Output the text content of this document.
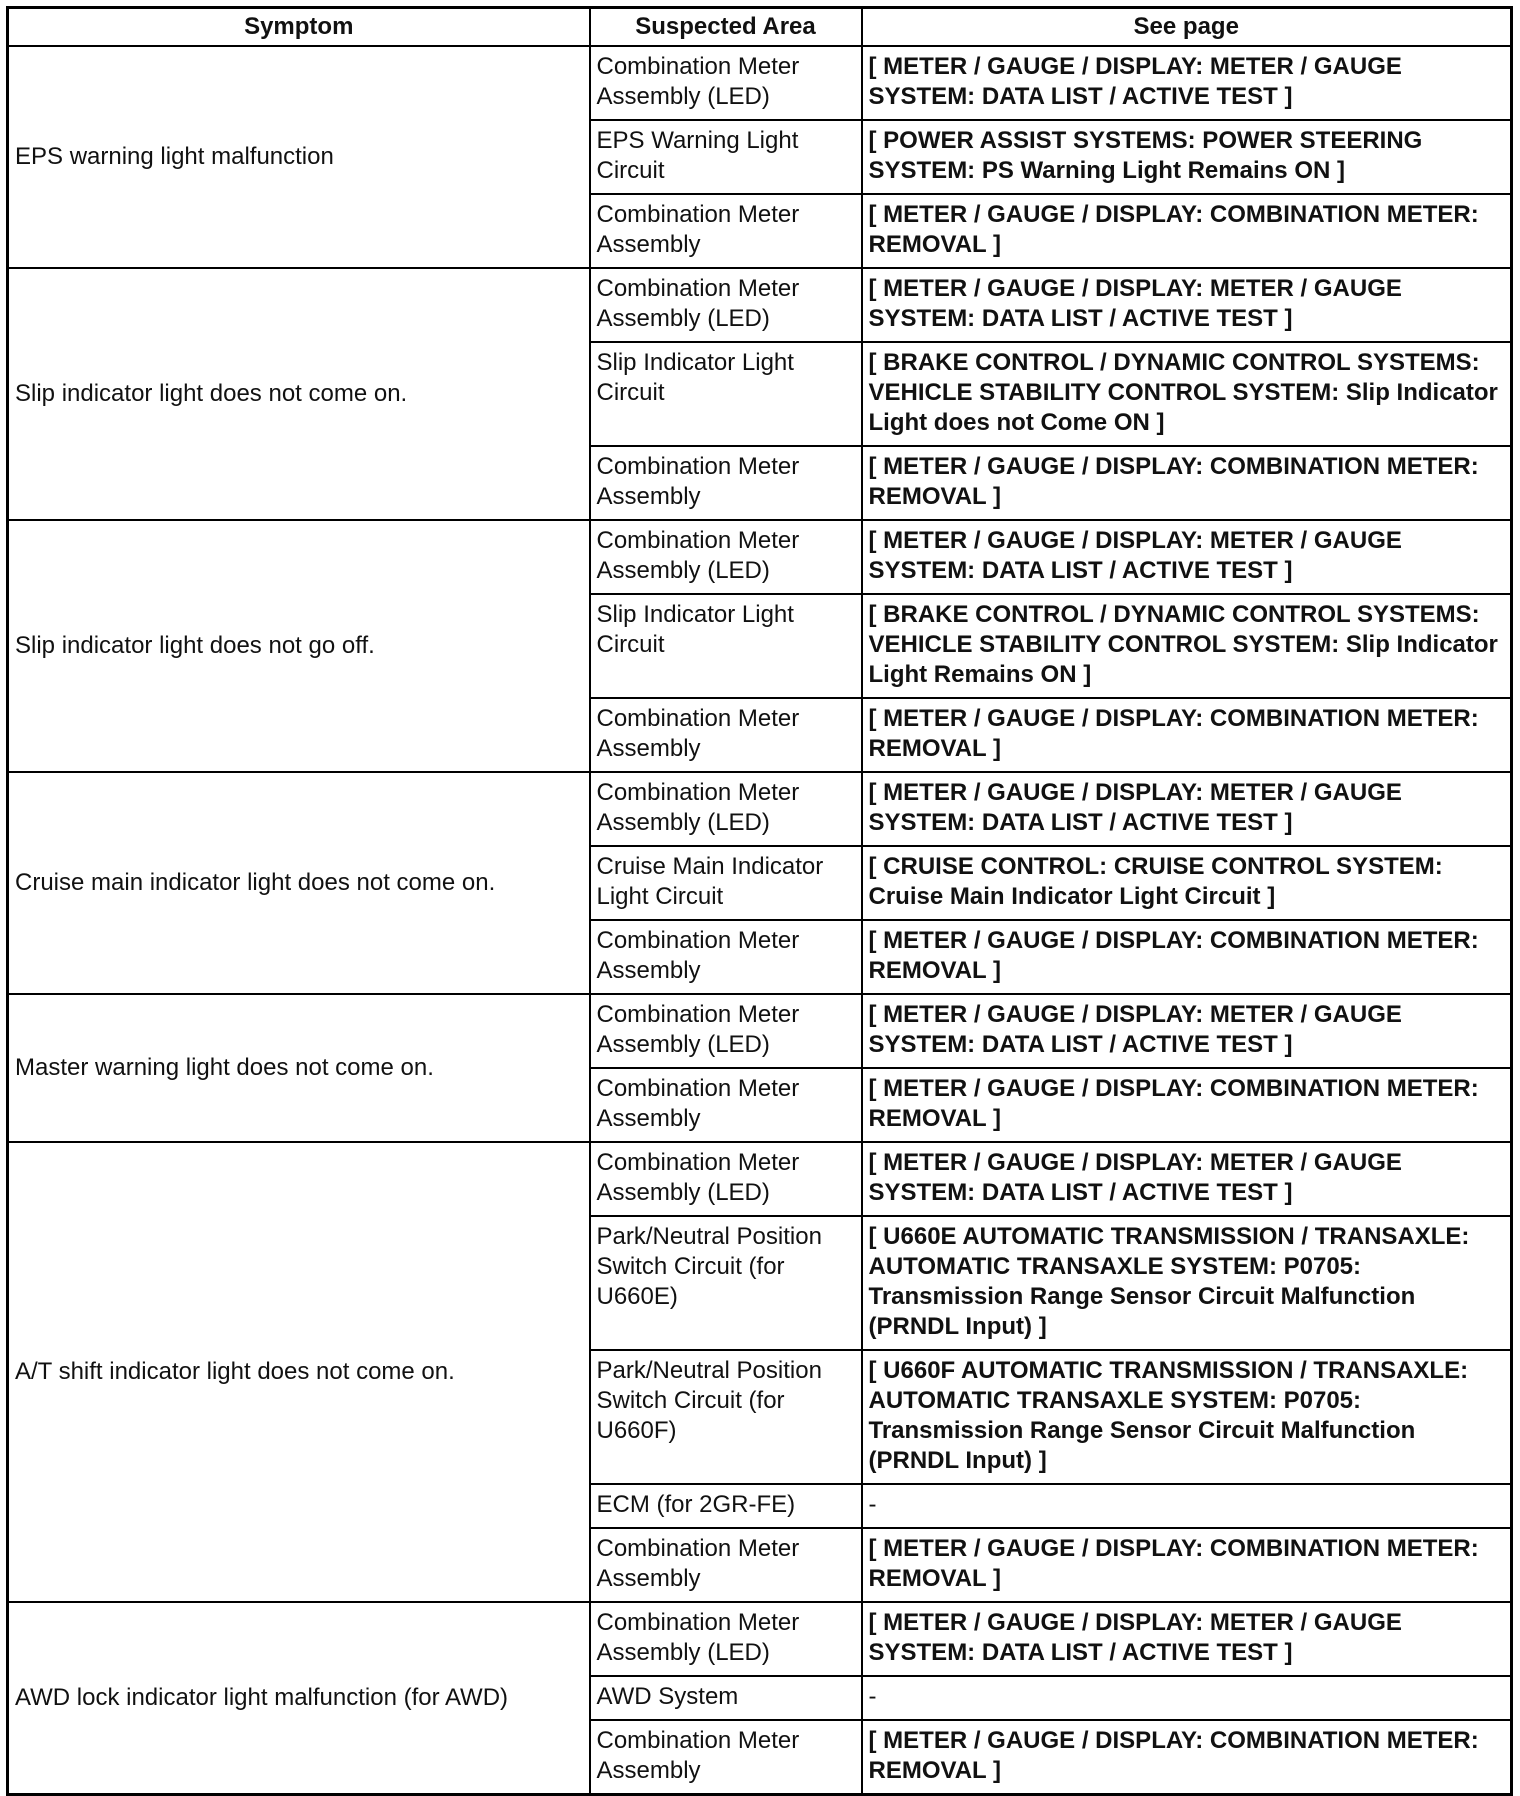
Symptom	Suspected Area	See page
EPS warning light malfunction	Combination Meter Assembly (LED)	[ METER / GAUGE / DISPLAY: METER / GAUGE SYSTEM: DATA LIST / ACTIVE TEST ]
	EPS Warning Light Circuit	[ POWER ASSIST SYSTEMS: POWER STEERING SYSTEM: PS Warning Light Remains ON ]
	Combination Meter Assembly	[ METER / GAUGE / DISPLAY: COMBINATION METER: REMOVAL ]
Slip indicator light does not come on.	Combination Meter Assembly (LED)	[ METER / GAUGE / DISPLAY: METER / GAUGE SYSTEM: DATA LIST / ACTIVE TEST ]
	Slip Indicator Light Circuit	[ BRAKE CONTROL / DYNAMIC CONTROL SYSTEMS: VEHICLE STABILITY CONTROL SYSTEM: Slip Indicator Light does not Come ON ]
	Combination Meter Assembly	[ METER / GAUGE / DISPLAY: COMBINATION METER: REMOVAL ]
Slip indicator light does not go off.	Combination Meter Assembly (LED)	[ METER / GAUGE / DISPLAY: METER / GAUGE SYSTEM: DATA LIST / ACTIVE TEST ]
	Slip Indicator Light Circuit	[ BRAKE CONTROL / DYNAMIC CONTROL SYSTEMS: VEHICLE STABILITY CONTROL SYSTEM: Slip Indicator Light Remains ON ]
	Combination Meter Assembly	[ METER / GAUGE / DISPLAY: COMBINATION METER: REMOVAL ]
Cruise main indicator light does not come on.	Combination Meter Assembly (LED)	[ METER / GAUGE / DISPLAY: METER / GAUGE SYSTEM: DATA LIST / ACTIVE TEST ]
	Cruise Main Indicator Light Circuit	[ CRUISE CONTROL: CRUISE CONTROL SYSTEM: Cruise Main Indicator Light Circuit ]
	Combination Meter Assembly	[ METER / GAUGE / DISPLAY: COMBINATION METER: REMOVAL ]
Master warning light does not come on.	Combination Meter Assembly (LED)	[ METER / GAUGE / DISPLAY: METER / GAUGE SYSTEM: DATA LIST / ACTIVE TEST ]
	Combination Meter Assembly	[ METER / GAUGE / DISPLAY: COMBINATION METER: REMOVAL ]
A/T shift indicator light does not come on.	Combination Meter Assembly (LED)	[ METER / GAUGE / DISPLAY: METER / GAUGE SYSTEM: DATA LIST / ACTIVE TEST ]
	Park/Neutral Position Switch Circuit (for U660E)	[ U660E AUTOMATIC TRANSMISSION / TRANSAXLE: AUTOMATIC TRANSAXLE SYSTEM: P0705: Transmission Range Sensor Circuit Malfunction (PRNDL Input) ]
	Park/Neutral Position Switch Circuit (for U660F)	[ U660F AUTOMATIC TRANSMISSION / TRANSAXLE: AUTOMATIC TRANSAXLE SYSTEM: P0705: Transmission Range Sensor Circuit Malfunction (PRNDL Input) ]
	ECM (for 2GR-FE)	-
	Combination Meter Assembly	[ METER / GAUGE / DISPLAY: COMBINATION METER: REMOVAL ]
AWD lock indicator light malfunction (for AWD)	Combination Meter Assembly (LED)	[ METER / GAUGE / DISPLAY: METER / GAUGE SYSTEM: DATA LIST / ACTIVE TEST ]
	AWD System	-
	Combination Meter Assembly	[ METER / GAUGE / DISPLAY: COMBINATION METER: REMOVAL ]
